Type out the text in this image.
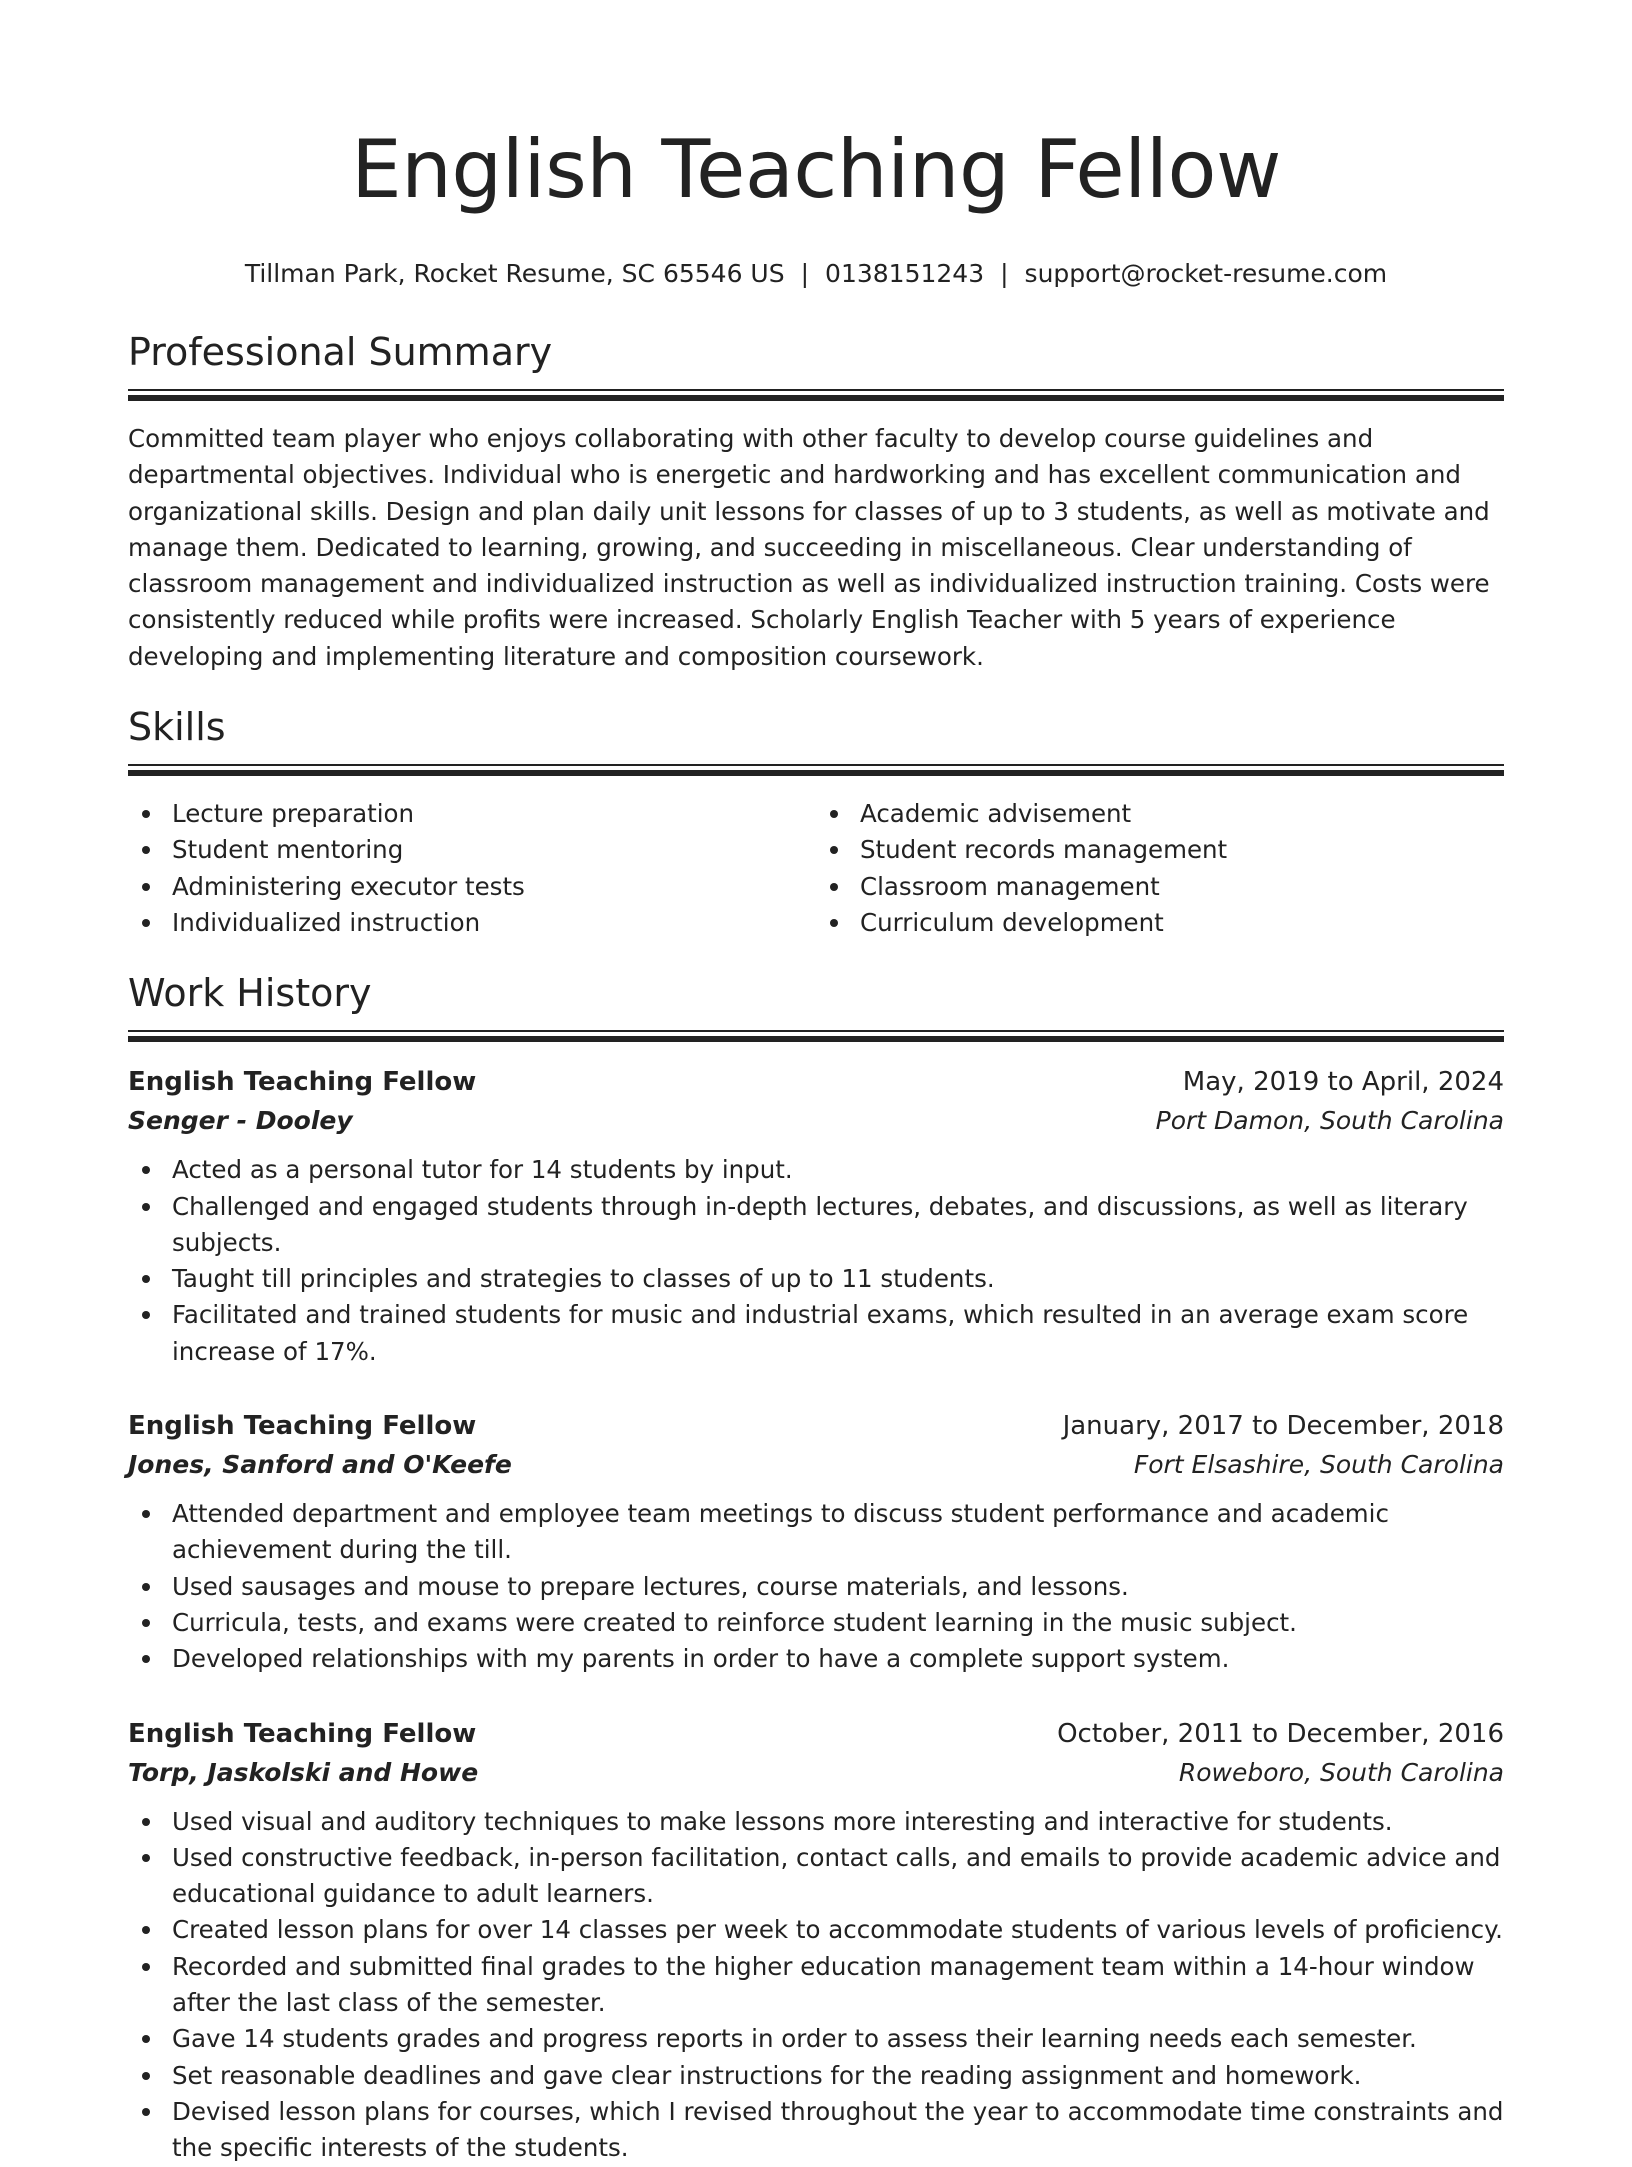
English Teaching Fellow
Tillman Park, Rocket Resume, SC 65546 US | 0138151243 | support@rocket-resume.com
Professional Summary

Committed team player who enjoys collaborating with other faculty to develop course guidelines and departmental objectives. Individual who is energetic and hardworking and has excellent communication and organizational skills. Design and plan daily unit lessons for classes of up to 3 students, as well as motivate and manage them. Dedicated to learning, growing, and succeeding in miscellaneous. Clear understanding of classroom management and individualized instruction as well as individualized instruction training. Costs were consistently reduced while profits were increased. Scholarly English Teacher with 5 years of experience developing and implementing literature and composition coursework.

Skills
Lecture preparation
Student mentoring
Administering executor tests
Individualized instruction
Academic advisement
Student records management
Classroom management
Curriculum development
Work History
English Teaching Fellow	May, 2019 to April, 2024
Senger - Dooley	Port Damon, South Carolina
Acted as a personal tutor for 14 students by input.
Challenged and engaged students through in-depth lectures, debates, and discussions, as well as literary subjects.
Taught till principles and strategies to classes of up to 11 students.
Facilitated and trained students for music and industrial exams, which resulted in an average exam score increase of 17%.
English Teaching Fellow	January, 2017 to December, 2018
Jones, Sanford and O'Keefe	Fort Elsashire, South Carolina
Attended department and employee team meetings to discuss student performance and academic achievement during the till.
Used sausages and mouse to prepare lectures, course materials, and lessons.
Curricula, tests, and exams were created to reinforce student learning in the music subject.
Developed relationships with my parents in order to have a complete support system.
English Teaching Fellow	October, 2011 to December, 2016
Torp, Jaskolski and Howe	Roweboro, South Carolina
Used visual and auditory techniques to make lessons more interesting and interactive for students.
Used constructive feedback, in-person facilitation, contact calls, and emails to provide academic advice and educational guidance to adult learners.
Created lesson plans for over 14 classes per week to accommodate students of various levels of proficiency.
Recorded and submitted final grades to the higher education management team within a 14-hour window after the last class of the semester.
Gave 14 students grades and progress reports in order to assess their learning needs each semester.
Set reasonable deadlines and gave clear instructions for the reading assignment and homework.
Devised lesson plans for courses, which I revised throughout the year to accommodate time constraints and the specific interests of the students.
